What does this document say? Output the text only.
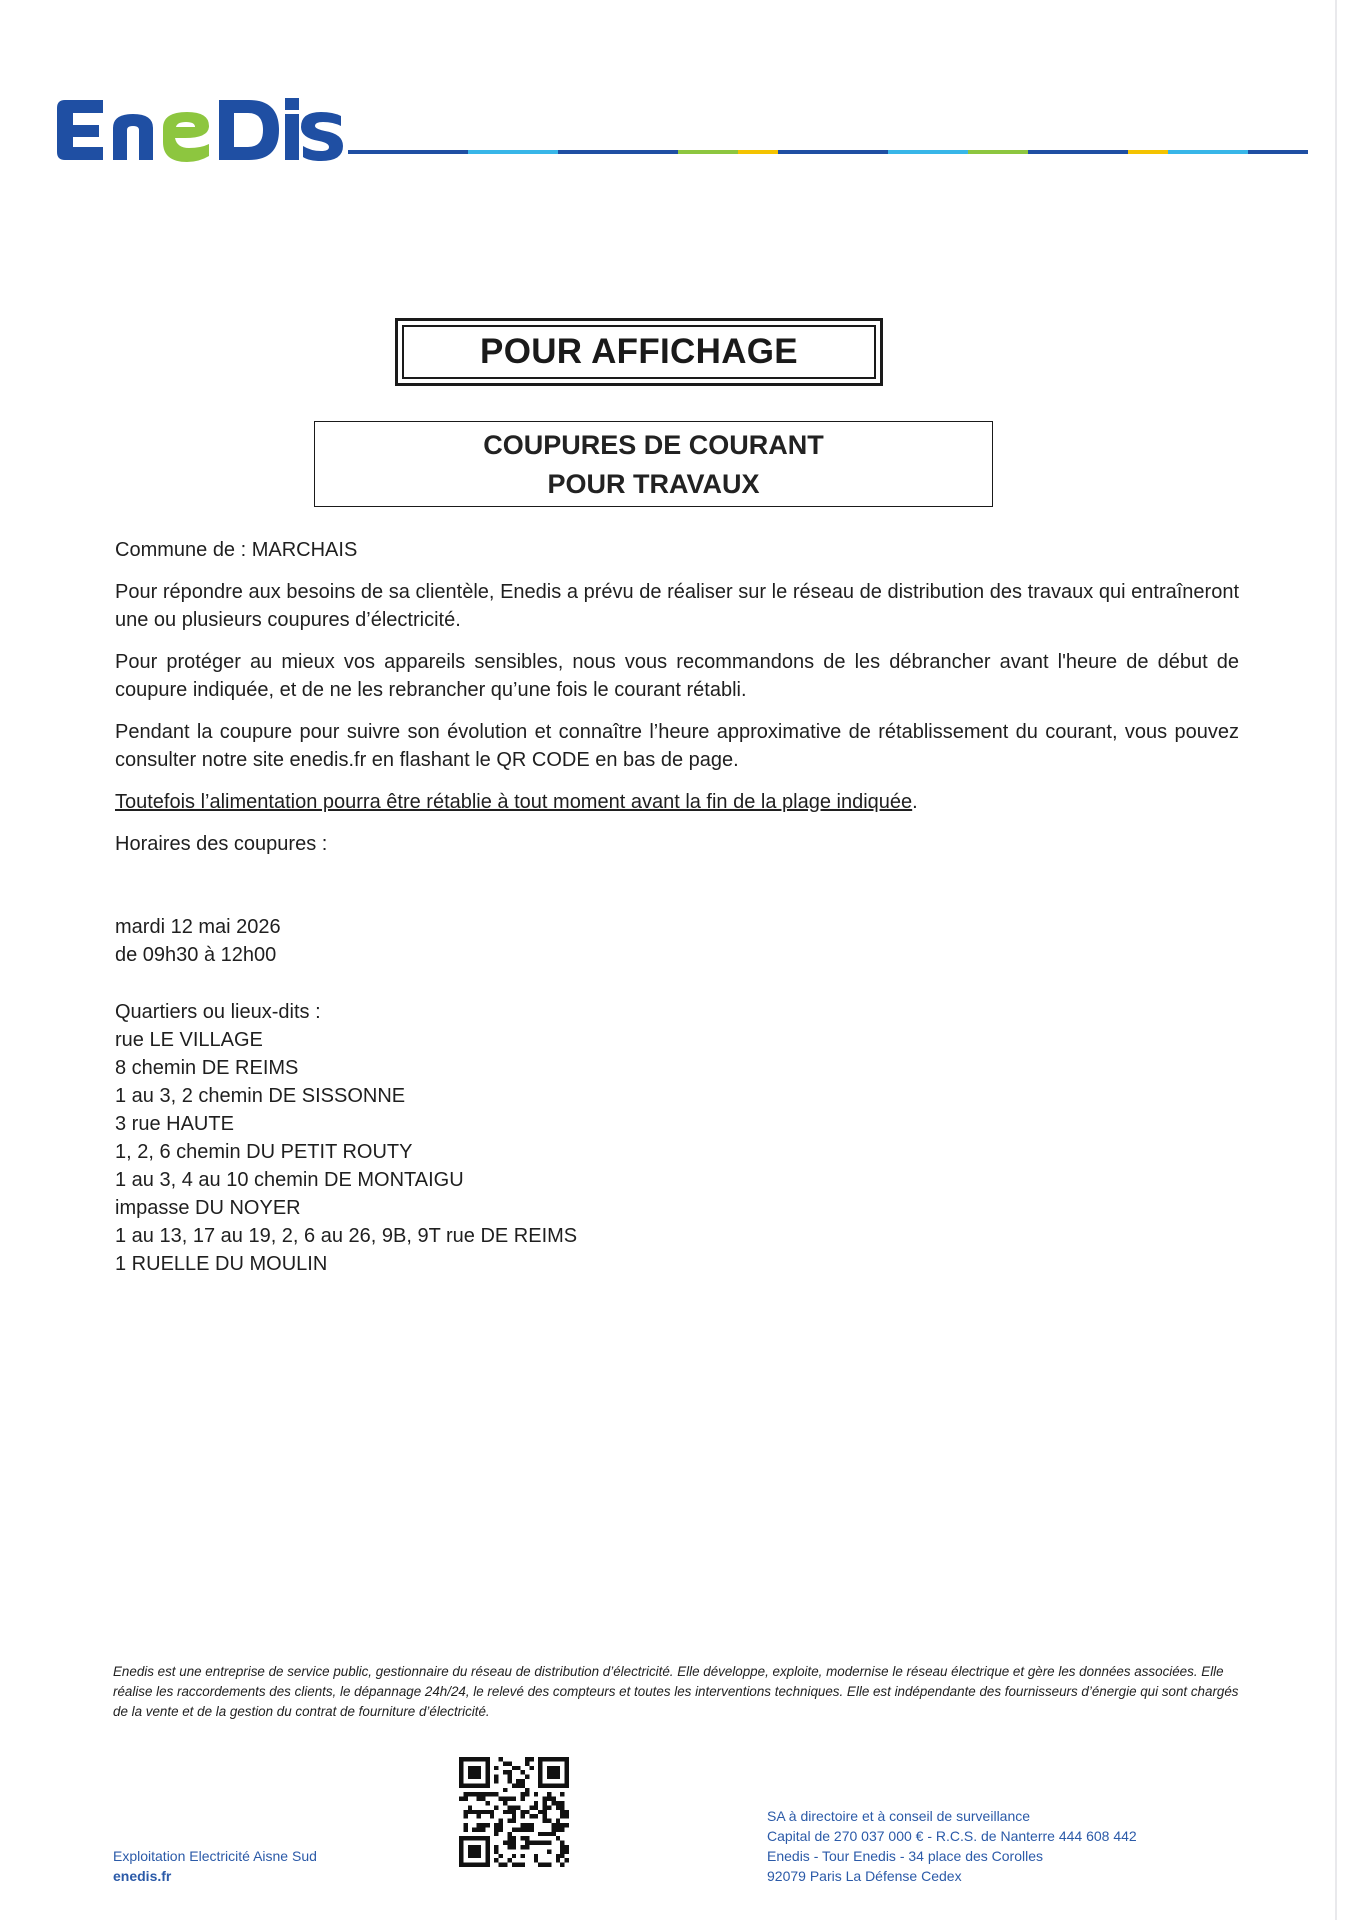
POUR AFFICHAGE
COUPURES DE COURANT
POUR TRAVAUX
Commune de : MARCHAIS

Pour répondre aux besoins de sa clientèle, Enedis a prévu de réaliser sur le réseau de distribution des travaux qui entraîneront une ou plusieurs coupures d’électricité.

Pour protéger au mieux vos appareils sensibles, nous vous recommandons de les débrancher avant l'heure de début de coupure indiquée, et de ne les rebrancher qu’une fois le courant rétabli.

Pendant la coupure pour suivre son évolution et connaître l’heure approximative de rétablissement du courant, vous pouvez consulter notre site enedis.fr en flashant le QR CODE en bas de page.

Toutefois l’alimentation pourra être rétablie à tout moment avant la fin de la plage indiquée.
Horaires des coupures :
mardi 12 mai 2026
de 09h30 à 12h00
Quartiers ou lieux-dits :
rue LE VILLAGE
8 chemin DE REIMS
1 au 3, 2 chemin DE SISSONNE
3 rue HAUTE
1, 2, 6 chemin DU PETIT ROUTY
1 au 3, 4 au 10 chemin DE MONTAIGU
impasse DU NOYER
1 au 13, 17 au 19, 2, 6 au 26, 9B, 9T rue DE REIMS
1 RUELLE DU MOULIN
Enedis est une entreprise de service public, gestionnaire du réseau de distribution d’électricité. Elle développe, exploite, modernise le réseau électrique et gère les données associées. Elle réalise les raccordements des clients, le dépannage 24h/24, le relevé des compteurs et toutes les interventions techniques. Elle est indépendante des fournisseurs d’énergie qui sont chargés de la vente et de la gestion du contrat de fourniture d’électricité.
Exploitation Electricité Aisne Sud
enedis.fr
SA à directoire et à conseil de surveillance
Capital de 270 037 000 € - R.C.S. de Nanterre 444 608 442
Enedis - Tour Enedis - 34 place des Corolles
92079 Paris La Défense Cedex
